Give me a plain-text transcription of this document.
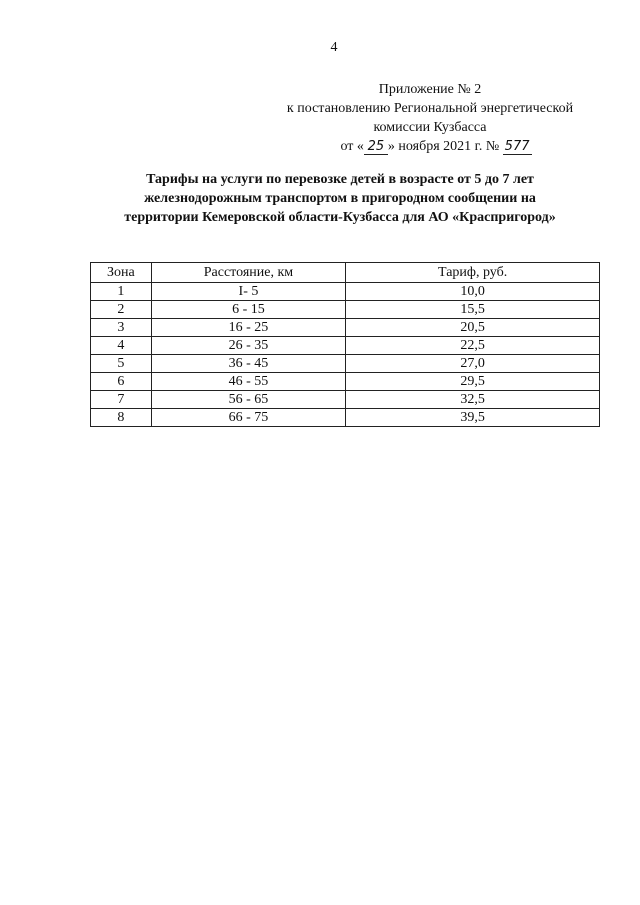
4
Приложение № 2
к постановлению Региональной энергетической
комиссии Кузбасса
от « 25 » ноября 2021 г. № 577
Тарифы на услуги по перевозке детей в возрасте от 5 до 7 лет
железнодорожным транспортом в пригородном сообщении на
территории Кемеровской области-Кузбасса для АО «Краспригород»
Зона	Расстояние, км	Тариф, руб.
1	I- 5	10,0
2	6 - 15	15,5
3	16 - 25	20,5
4	26 - 35	22,5
5	36 - 45	27,0
6	46 - 55	29,5
7	56 - 65	32,5
8	66 - 75	39,5
